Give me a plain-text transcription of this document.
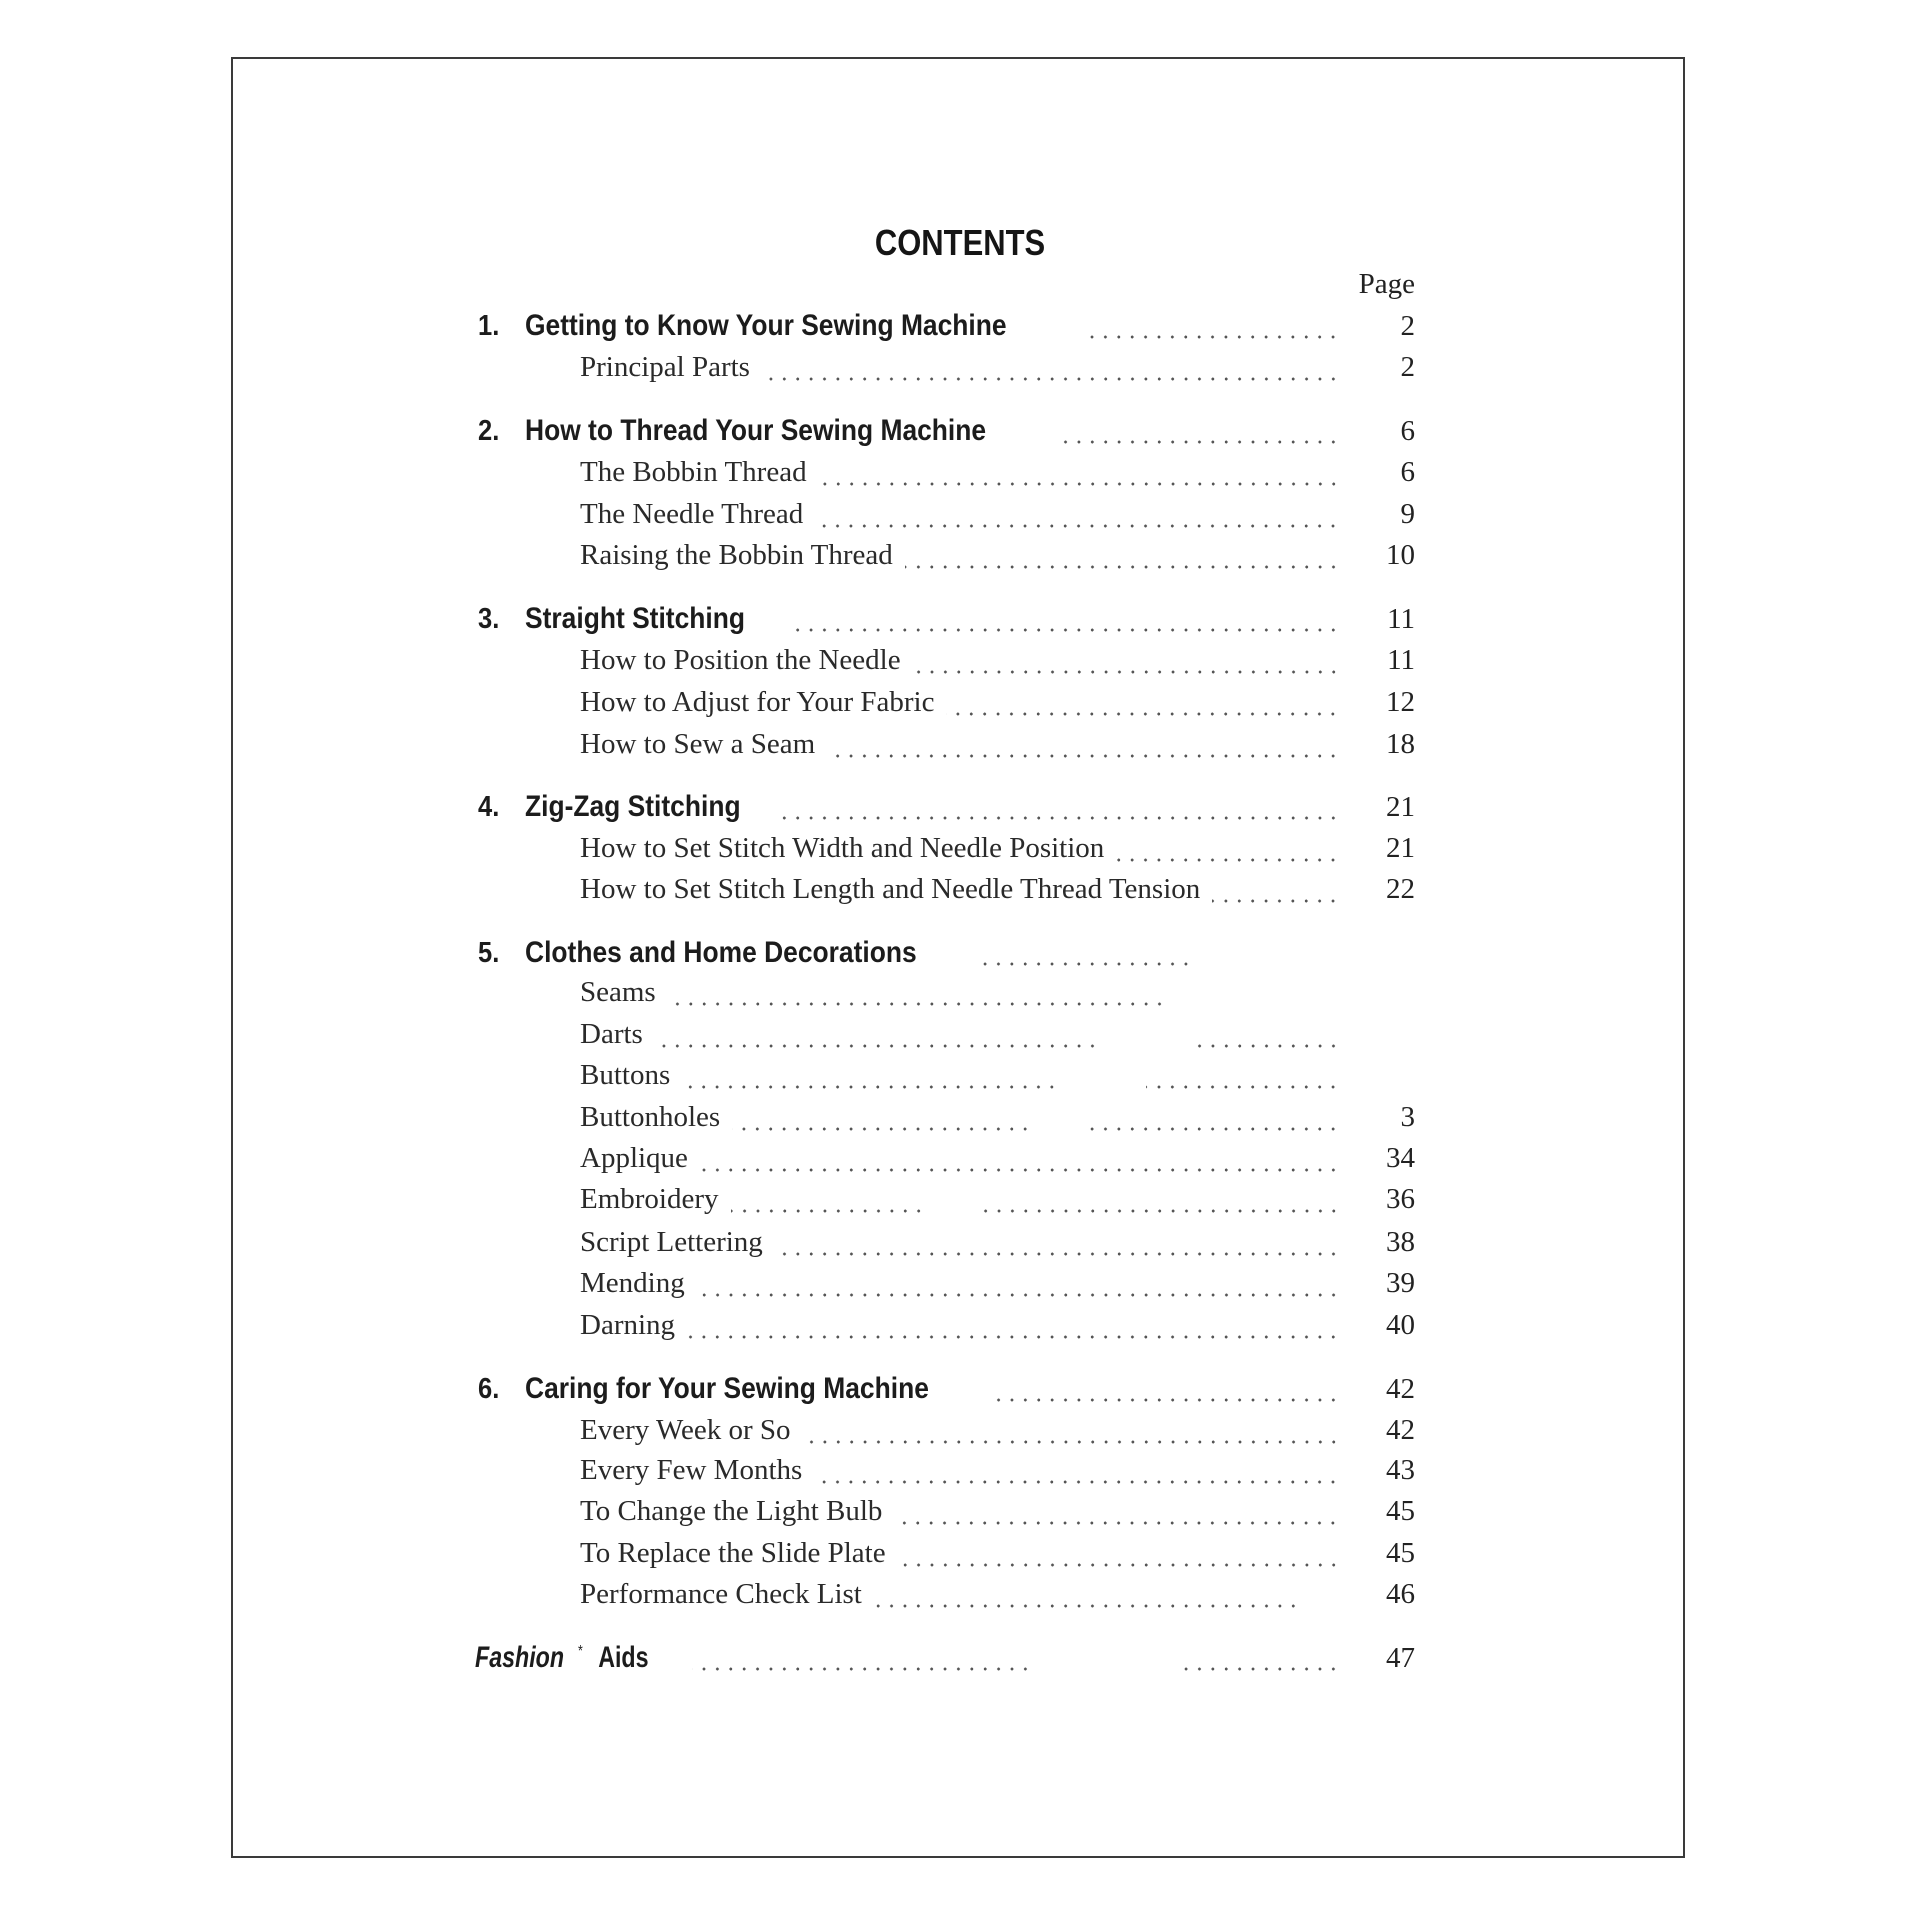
CONTENTS
Page
1. Getting to Know Your Sewing Machine	2
Principal Parts	2
2. How to Thread Your Sewing Machine	6
The Bobbin Thread	6
The Needle Thread	9
Raising the Bobbin Thread	10
3. Straight Stitching	11
How to Position the Needle	11
How to Adjust for Your Fabric	12
How to Sew a Seam	18
4. Zig-Zag Stitching	21
How to Set Stitch Width and Needle Position	21
How to Set Stitch Length and Needle Thread Tension	22
5. Clothes and Home Decorations
Seams
Darts
Buttons
Buttonholes	3
Applique	34
Embroidery	36
Script Lettering	38
Mending	39
Darning	40
6. Caring for Your Sewing Machine	42
Every Week or So	42
Every Few Months	43
To Change the Light Bulb	45
To Replace the Slide Plate	45
Performance Check List	46
Fashion * Aids	47
